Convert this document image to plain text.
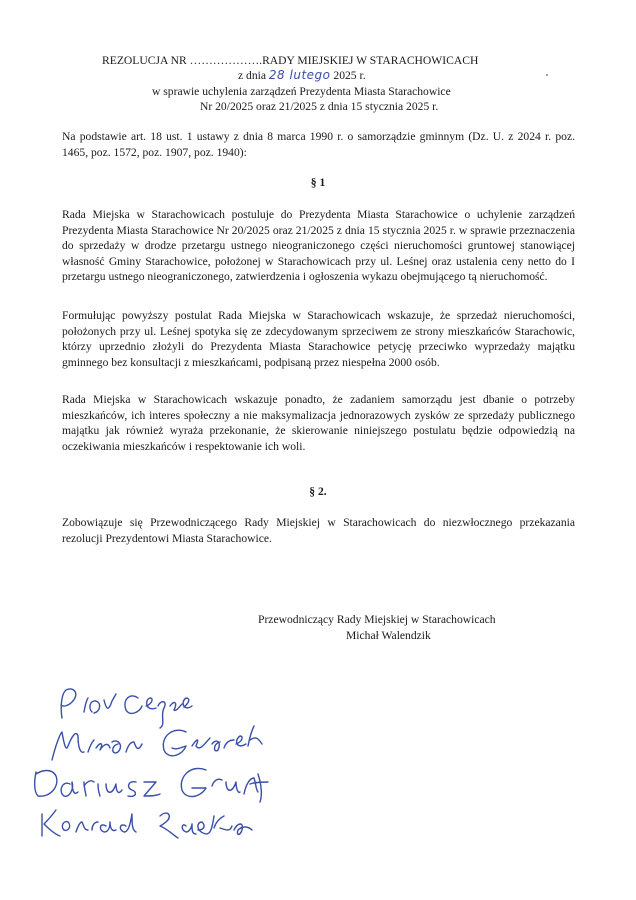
REZOLUCJA NR ……………….RADY MIEJSKIEJ W STARACHOWICACH
z dnia 28 lutego 2025 r.
w sprawie uchylenia zarządzeń Prezydenta Miasta Starachowice
Nr 20/2025 oraz 21/2025 z dnia 15 stycznia 2025 r.
Na podstawie art. 18 ust. 1 ustawy z dnia 8 marca 1990 r. o samorządzie gminnym (Dz. U. z 2024 r. poz. 1465, poz. 1572, poz. 1907, poz. 1940):
§ 1
Rada Miejska w Starachowicach postuluje do Prezydenta Miasta Starachowice o uchylenie zarządzeń Prezydenta Miasta Starachowice Nr 20/2025 oraz 21/2025 z dnia 15 stycznia 2025 r. w sprawie przeznaczenia do sprzedaży w drodze przetargu ustnego nieograniczonego części nieruchomości gruntowej stanowiącej własność Gminy Starachowice, położonej w Starachowicach przy ul. Leśnej oraz ustalenia ceny netto do I przetargu ustnego nieograniczonego, zatwierdzenia i ogłoszenia wykazu obejmującego tą nieruchomość.
Formułując powyższy postulat Rada Miejska w Starachowicach wskazuje, że sprzedaż nieruchomości, położonych przy ul. Leśnej spotyka się ze zdecydowanym sprzeciwem ze strony mieszkańców Starachowic, którzy uprzednio złożyli do Prezydenta Miasta Starachowice petycję przeciwko wyprzedaży majątku gminnego bez konsultacji z mieszkańcami, podpisaną przez niespełna 2000 osób.
Rada Miejska w Starachowicach wskazuje ponadto, że zadaniem samorządu jest dbanie o potrzeby mieszkańców, ich interes społeczny a nie maksymalizacja jednorazowych zysków ze sprzedaży publicznego majątku jak również wyraża przekonanie, że skierowanie niniejszego postulatu będzie odpowiedzią na oczekiwania mieszkańców i respektowanie ich woli.
§ 2.
Zobowiązuje się Przewodniczącego Rady Miejskiej w Starachowicach do niezwłocznego przekazania rezolucji Prezydentowi Miasta Starachowice.
Przewodniczący Rady Miejskiej w Starachowicach
Michał Walendzik
